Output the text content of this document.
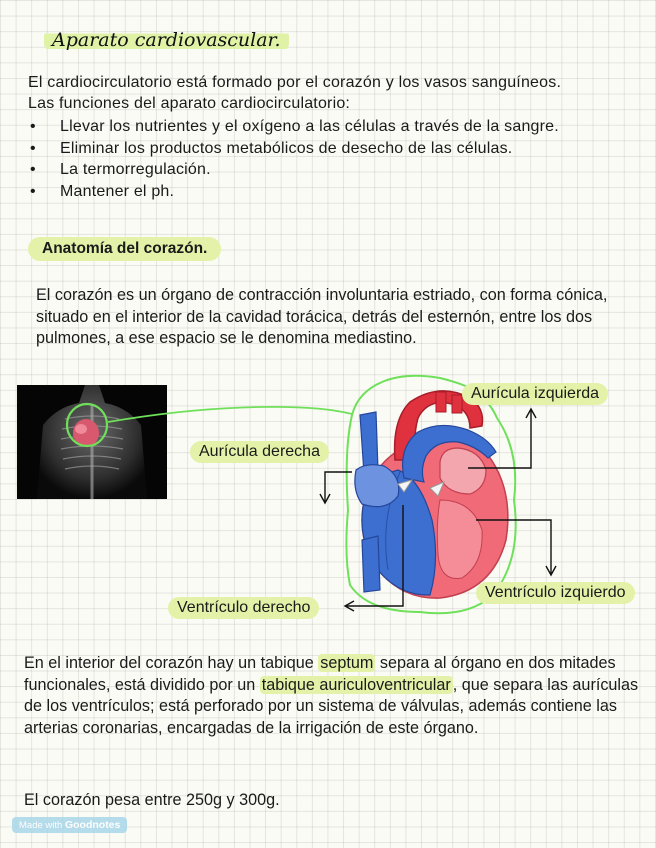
Aparato cardiovascular.
El cardiocirculatorio está formado por el corazón y los vasos sanguíneos.
Las funciones del aparato cardiocirculatorio:
• Llevar los nutrientes y el oxígeno a las células a través de la sangre.
• Eliminar los productos metabólicos de desecho de las células.
• La termorregulación.
• Mantener el ph.
Anatomía del corazón.
El corazón es un órgano de contracción involuntaria estriado, con forma cónica, situado en el interior de la cavidad torácica, detrás del esternón, entre los dos pulmones, a ese espacio se le denomina mediastino.
Aurícula izquierda
Aurícula derecha
Ventrículo izquierdo
Ventrículo derecho
En el interior del corazón hay un tabique septum separa al órgano en dos mitades funcionales, está dividido por un tabique auriculoventricular , que separa las aurículas de los ventrículos; está perforado por un sistema de válvulas, además contiene las arterias coronarias, encargadas de la irrigación de este órgano.
El corazón pesa entre 250g y 300g.
Made with Goodnotes
